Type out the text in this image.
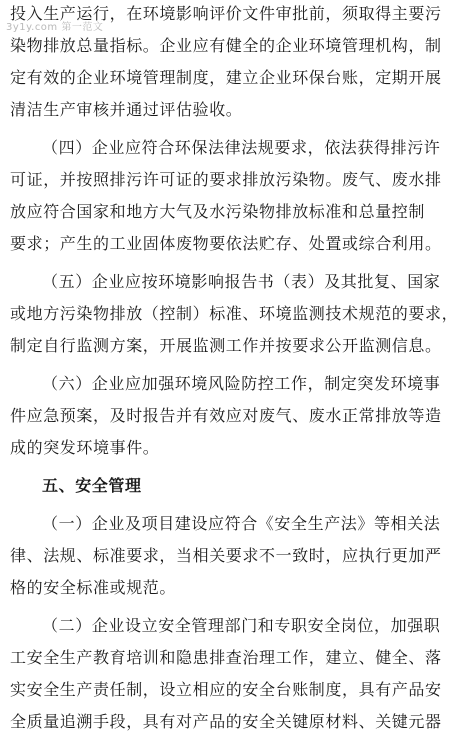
3y1y.com 第一范文
投入生产运行，在环境影响评价文件审批前，须取得主要污
染物排放总量指标。企业应有健全的企业环境管理机构，制
定有效的企业环境管理制度，建立企业环保台账，定期开展
清洁生产审核并通过评估验收。
（四）企业应符合环保法律法规要求，依法获得排污许
可证，并按照排污许可证的要求排放污染物。废气、废水排
放应符合国家和地方大气及水污染物排放标准和总量控制
要求；产生的工业固体废物要依法贮存、处置或综合利用。
（五）企业应按环境影响报告书（表）及其批复、国家
或地方污染物排放（控制）标准、环境监测技术规范的要求，
制定自行监测方案，开展监测工作并按要求公开监测信息。
（六）企业应加强环境风险防控工作，制定突发环境事
件应急预案，及时报告并有效应对废气、废水正常排放等造
成的突发环境事件。
五、安全管理
（一）企业及项目建设应符合《安全生产法》等相关法
律、法规、标准要求，当相关要求不一致时，应执行更加严
格的安全标准或规范。
（二）企业设立安全管理部门和专职安全岗位，加强职
工安全生产教育培训和隐患排查治理工作，建立、健全、落
实安全生产责任制，设立相应的安全台账制度，具有产品安
全质量追溯手段，具有对产品的安全关键原材料、关键元器
